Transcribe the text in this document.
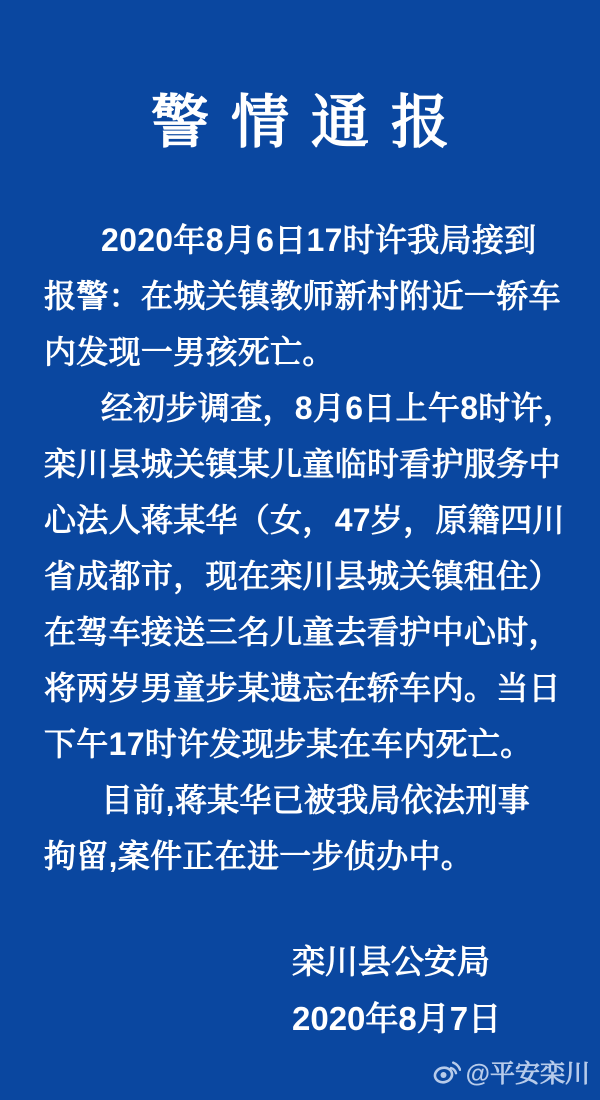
警情通报
2020年8月6日17时许我局接到
报警：在城关镇教师新村附近一轿车
内发现一男孩死亡。
经初步调查，8月6日上午8时许，
栾川县城关镇某儿童临时看护服务中
心法人蒋某华（女，47岁，原籍四川
省成都市，现在栾川县城关镇租住）
在驾车接送三名儿童去看护中心时，
将两岁男童步某遗忘在轿车内。当日
下午17时许发现步某在车内死亡。
目前,蒋某华已被我局依法刑事
拘留,案件正在进一步侦办中。
栾川县公安局
2020年8月7日
@平安栾川
